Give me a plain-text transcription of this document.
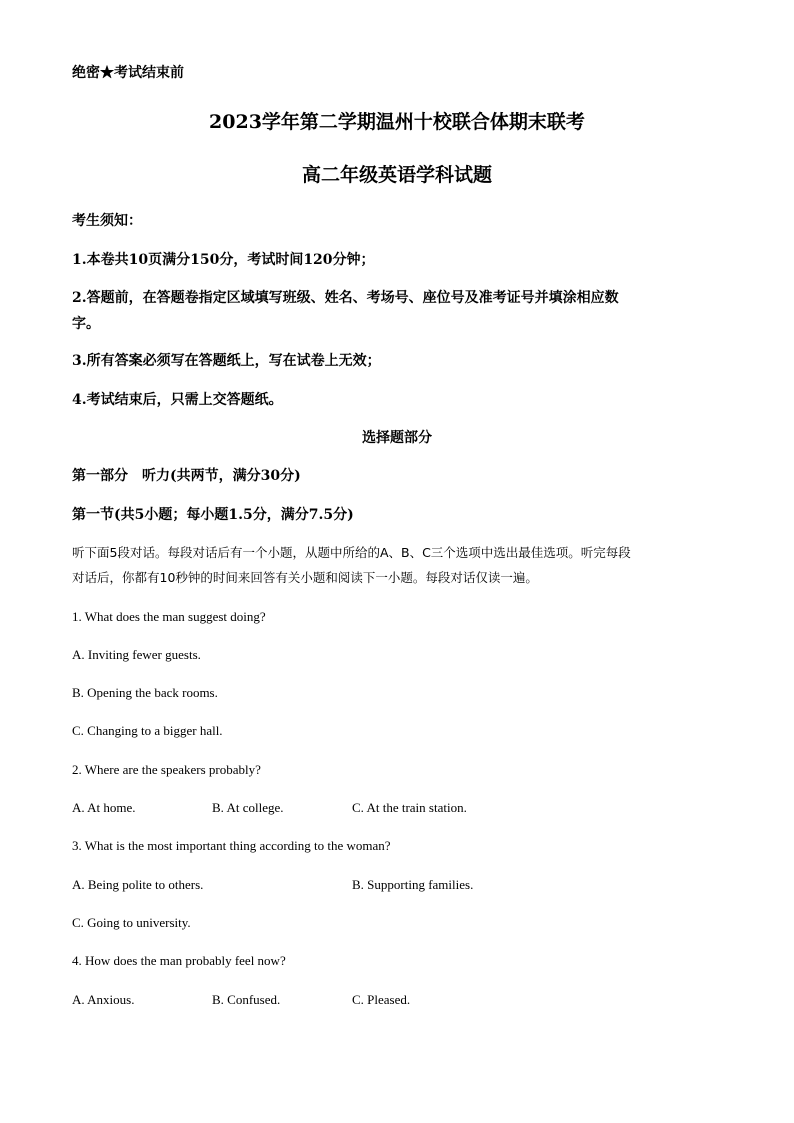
绝密★考试结束前

2023学年第二学期温州十校联合体期末联考

高二年级英语学科试题

考生须知：

1.本卷共10页满分150分，考试时间120分钟；

2.答题前，在答题卷指定区域填写班级、姓名、考场号、座位号及准考证号并填涂相应数

字。

3.所有答案必须写在答题纸上，写在试卷上无效；

4.考试结束后，只需上交答题纸。

选择题部分

第一部分　听力(共两节，满分30分)

第一节(共5小题；每小题1.5分，满分7.5分)

听下面5段对话。每段对话后有一个小题，从题中所给的A、B、C三个选项中选出最佳选项。听完每段

对话后，你都有10秒钟的时间来回答有关小题和阅读下一小题。每段对话仅读一遍。

1. What does the man suggest doing?

A. Inviting fewer guests.

B. Opening the back rooms.

C. Changing to a bigger hall.

2. Where are the speakers probably?

A. At home.	B. At college.	C. At the train station.

3. What is the most important thing according to the woman?

A. Being polite to others.	B. Supporting families.

C. Going to university.

4. How does the man probably feel now?

A. Anxious.	B. Confused.	C. Pleased.
